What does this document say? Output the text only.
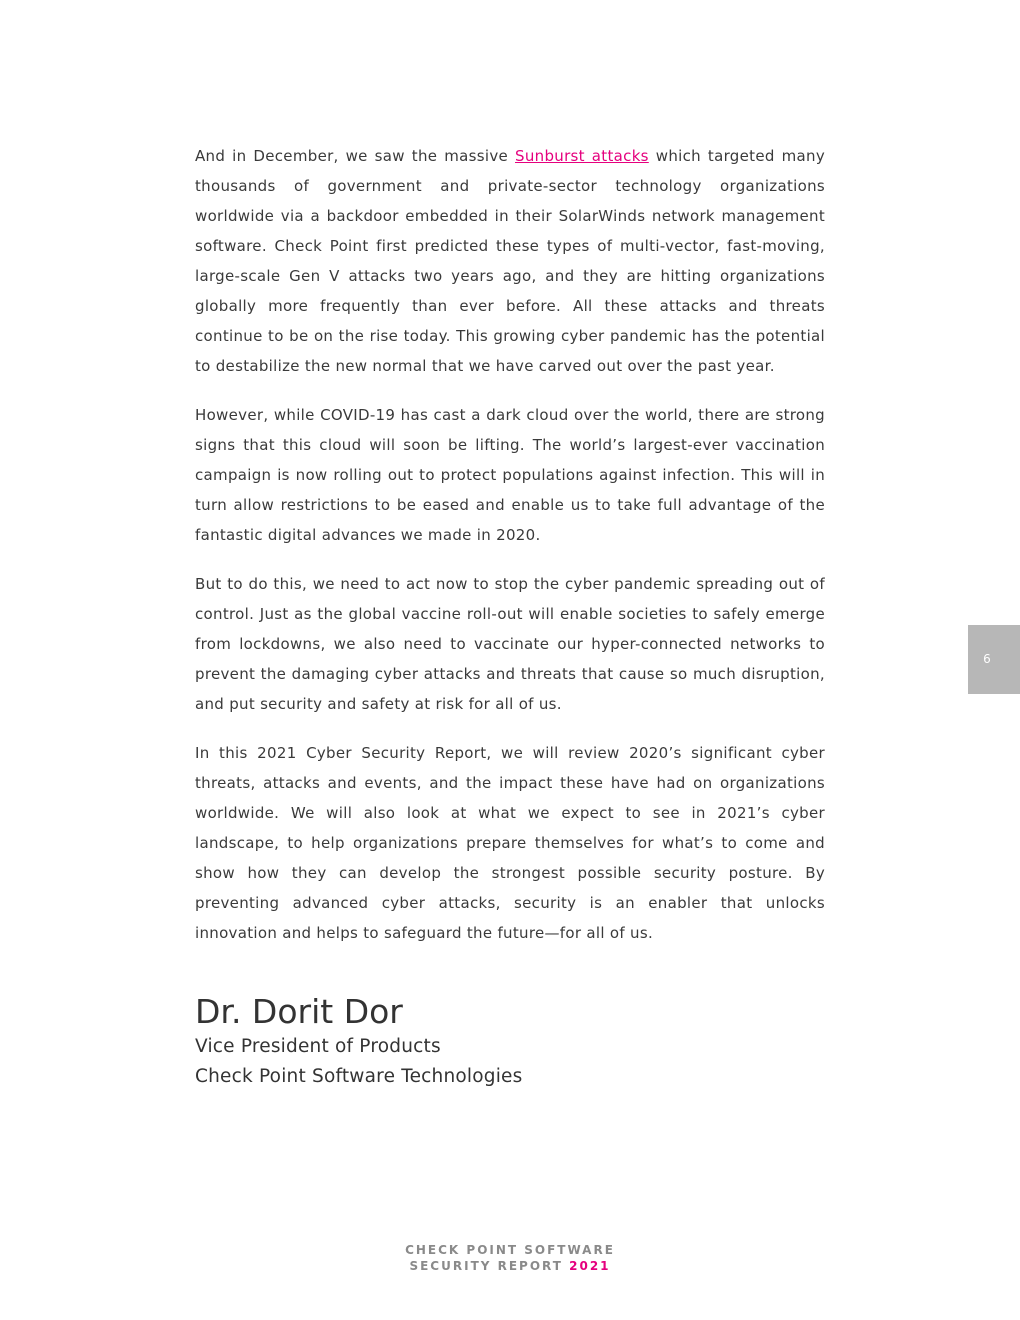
And in December, we saw the massive Sunburst attacks which targeted many thousands of government and private-sector technology organizations worldwide via a backdoor embedded in their SolarWinds network management software. Check Point first predicted these types of multi-vector, fast-moving, large-scale Gen V attacks two years ago, and they are hitting organizations globally more frequently than ever before. All these attacks and threats continue to be on the rise today. This growing cyber pandemic has the potential to destabilize the new normal that we have carved out over the past year.

However, while COVID-19 has cast a dark cloud over the world, there are strong signs that this cloud will soon be lifting. The world’s largest-ever vaccination campaign is now rolling out to protect populations against infection. This will in turn allow restrictions to be eased and enable us to take full advantage of the fantastic digital advances we made in 2020.

But to do this, we need to act now to stop the cyber pandemic spreading out of control. Just as the global vaccine roll-out will enable societies to safely emerge from lockdowns, we also need to vaccinate our hyper-connected networks to prevent the damaging cyber attacks and threats that cause so much disruption, and put security and safety at risk for all of us.

In this 2021 Cyber Security Report, we will review 2020’s significant cyber threats, attacks and events, and the impact these have had on organizations worldwide. We will also look at what we expect to see in 2021’s cyber landscape, to help organizations prepare themselves for what’s to come and show how they can develop the strongest possible security posture. By preventing advanced cyber attacks, security is an enabler that unlocks innovation and helps to safeguard the future—for all of us.

Dr. Dorit Dor

Vice President of Products

Check Point Software Technologies

6
CHECK POINT SOFTWARE
SECURITY REPORT 2021
